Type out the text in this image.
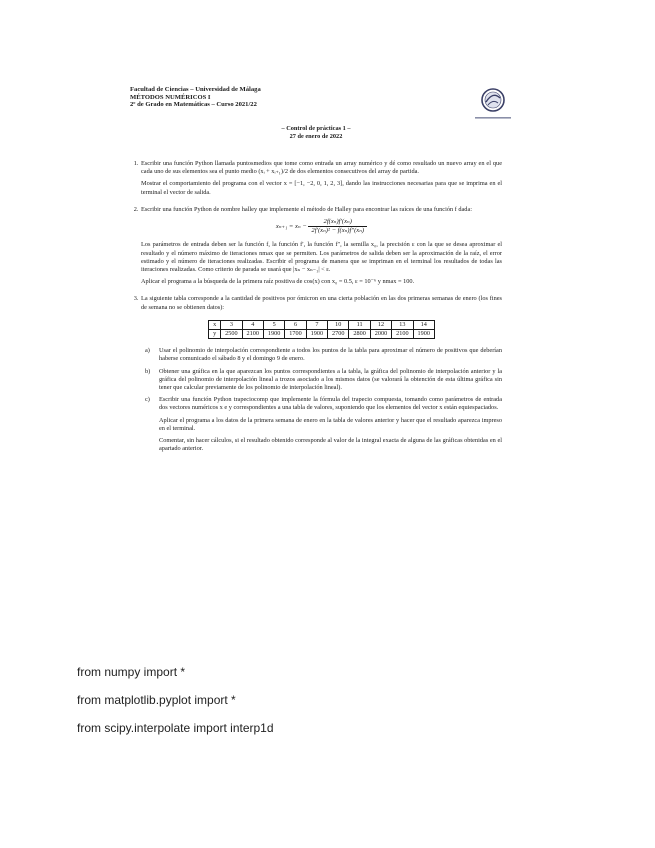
Facultad de Ciencias – Universidad de Málaga
MÉTODOS NUMÉRICOS I
2º de Grado en Matemáticas – Curso 2021/22
– Control de prácticas 1 –
27 de enero de 2022

1. Escribir una función Python llamada puntosmedios que tome como entrada un array numérico y dé como resultado un nuevo array en el que cada uno de sus elementos sea el punto medio (xᵢ + xᵢ₊₁)/2 de dos elementos consecutivos del array de partida.

Mostrar el comportamiento del programa con el vector x = [−1, −2, 0, 1, 2, 3], dando las instrucciones necesarias para que se imprima en el terminal el vector de salida.

2. Escribir una función Python de nombre halley que implemente el método de Halley para encontrar las raíces de una función f dada:

$x_{n+1} = x_n - \frac{\text{2f(xₙ)f′(xₙ)}}{\text{2f′(xₙ)² − f(xₙ)f″(xₙ)}}$

Los parámetros de entrada deben ser la función f, la función f′, la función f″, la semilla x₀, la precisión ε con la que se desea aproximar el resultado y el número máximo de iteraciones nmax que se permiten. Los parámetros de salida deben ser la aproximación de la raíz, el error estimado y el número de iteraciones realizadas. Escribir el programa de manera que se impriman en el terminal los resultados de todas las iteraciones realizadas. Como criterio de parada se usará que |xₙ − xₙ₋₁| < ε.

Aplicar el programa a la búsqueda de la primera raíz positiva de cos(x) con x₀ = 0.5, ε = 10⁻⁶ y nmax = 100.

3. La siguiente tabla corresponde a la cantidad de positivos por ómicron en una cierta población en las dos primeras semanas de enero (los fines de semana no se obtienen datos):

x	3	4	5	6	7	10	11	12	13	14
y	2500	2100	1900	1700	1900	2700	2800	2000	2100	1900
a) Usar el polinomio de interpolación correspondiente a todos los puntos de la tabla para aproximar el número de positivos que deberían haberse comunicado el sábado 8 y el domingo 9 de enero.

b) Obtener una gráfica en la que aparezcan los puntos correspondientes a la tabla, la gráfica del polinomio de interpolación anterior y la gráfica del polinomio de interpolación lineal a trozos asociado a los mismos datos (se valorará la obtención de esta última gráfica sin tener que calcular previamente de los polinomio de interpolación lineal).

c) Escribir una función Python trapeciocomp que implemente la fórmula del trapecio compuesta, tomando como parámetros de entrada dos vectores numéricos x e y correspondientes a una tabla de valores, suponiendo que los elementos del vector x están equiespaciados.

Aplicar el programa a los datos de la primera semana de enero en la tabla de valores anterior y hacer que el resultado aparezca impreso en el terminal.

Comentar, sin hacer cálculos, si el resultado obtenido corresponde al valor de la integral exacta de alguna de las gráficas obtenidas en el apartado anterior.

from numpy import *
from matplotlib.pyplot import *
from scipy.interpolate import interp1d
